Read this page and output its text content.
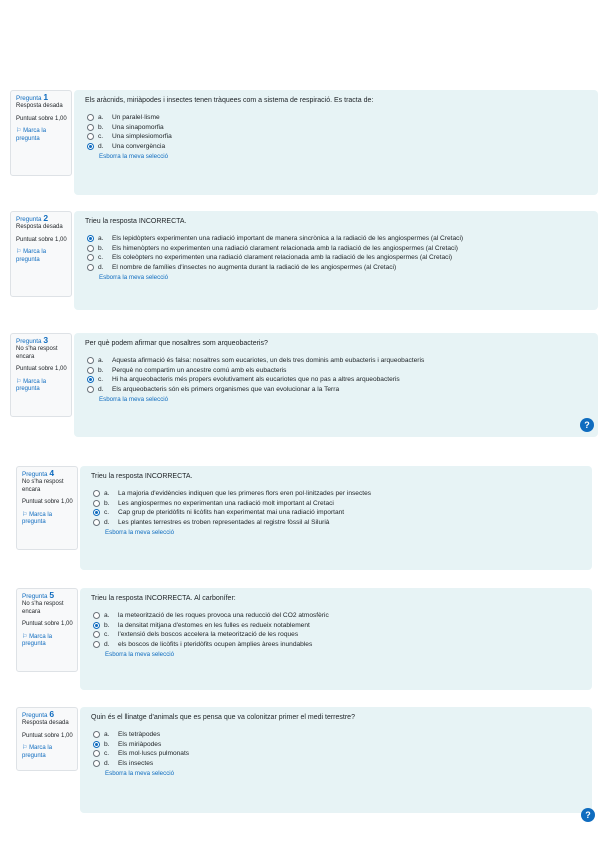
Pregunta 1
Resposta desada
Puntuat sobre 1,00
⚐ Marca la pregunta
Els aràcnids, miriàpodes i insectes tenen tràquees com a sistema de respiració. Es tracta de:
a.	Un paralel·lisme
b.	Una sinapomorfia
c.	Una simplesiomorfia
d.	Una convergència
Esborra la meva selecció
Pregunta 2
Resposta desada
Puntuat sobre 1,00
⚐ Marca la pregunta
Trieu la resposta INCORRECTA.
a.	Els lepidòpters experimenten una radiació important de manera sincrònica a la radiació de les angiospermes (al Cretaci)
b.	Els himenòpters no experimenten una radiació clarament relacionada amb la radiació de les angiospermes (al Cretaci)
c.	Els coleòpters no experimenten una radiació clarament relacionada amb la radiació de les angiospermes (al Cretaci)
d.	El nombre de famílies d'insectes no augmenta durant la radiació de les angiospermes (al Cretaci)
Esborra la meva selecció
Pregunta 3
No s'ha respost encara
Puntuat sobre 1,00
⚐ Marca la pregunta
Per què podem afirmar que nosaltres som arqueobacteris?
a.	Aquesta afirmació és falsa: nosaltres som eucariotes, un dels tres dominis amb eubacteris i arqueobacteris
b.	Perquè no compartim un ancestre comú amb els eubacteris
c.	Hi ha arqueobacteris més propers evolutivament als eucariotes que no pas a altres arqueobacteris
d.	Els arqueobacteris són els primers organismes que van evolucionar a la Terra
Esborra la meva selecció
?
Pregunta 4
No s'ha respost encara
Puntuat sobre 1,00
⚐ Marca la pregunta
Trieu la resposta INCORRECTA.
a.	La majoria d'evidències indiquen que les primeres flors eren pol·linitzades per insectes
b.	Les angiospermes no experimentan una radiació molt important al Cretaci
c.	Cap grup de pteridòfits ni licòfits han experimentat mai una radiació important
d.	Les plantes terrestres es troben representades al registre fòssil al Silurià
Esborra la meva selecció
Pregunta 5
No s'ha respost encara
Puntuat sobre 1,00
⚐ Marca la pregunta
Trieu la resposta INCORRECTA. Al carbonífer:
a.	la meteorització de les roques provoca una reducció del CO2 atmosfèric
b.	la densitat mitjana d'estomes en les fulles es redueix notablement
c.	l'extensió dels boscos accelera la meteorització de les roques
d.	els boscos de licòfits i pteridòfits ocupen àmplies àrees inundables
Esborra la meva selecció
Pregunta 6
Resposta desada
Puntuat sobre 1,00
⚐ Marca la pregunta
Quin és el llinatge d'animals que es pensa que va colonitzar primer el medi terrestre?
a.	Els tetràpodes
b.	Els miriàpodes
c.	Els mol·luscs pulmonats
d.	Els insectes
Esborra la meva selecció
?
